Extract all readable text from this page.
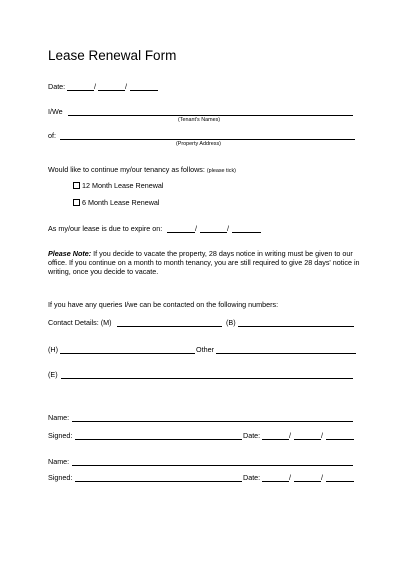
Lease Renewal Form
Date:	/	/
I/We
(Tenant's Names)
of:
(Property Address)
Would like to continue my/our tenancy as follows: (please tick)
12 Month Lease Renewal
6 Month Lease Renewal
As my/our lease is due to expire on:	/	/
Please Note: If you decide to vacate the property, 28 days notice in writing must be given to our office. If you continue on a month to month tenancy, you are still required to give 28 days' notice in writing, once you decide to vacate.
If you have any queries I/we can be contacted on the following numbers:
Contact Details: (M)	(B)
(H)	Other
(E)
Name:
Signed:	Date:	/	/
Name:
Signed:	Date:	/	/
